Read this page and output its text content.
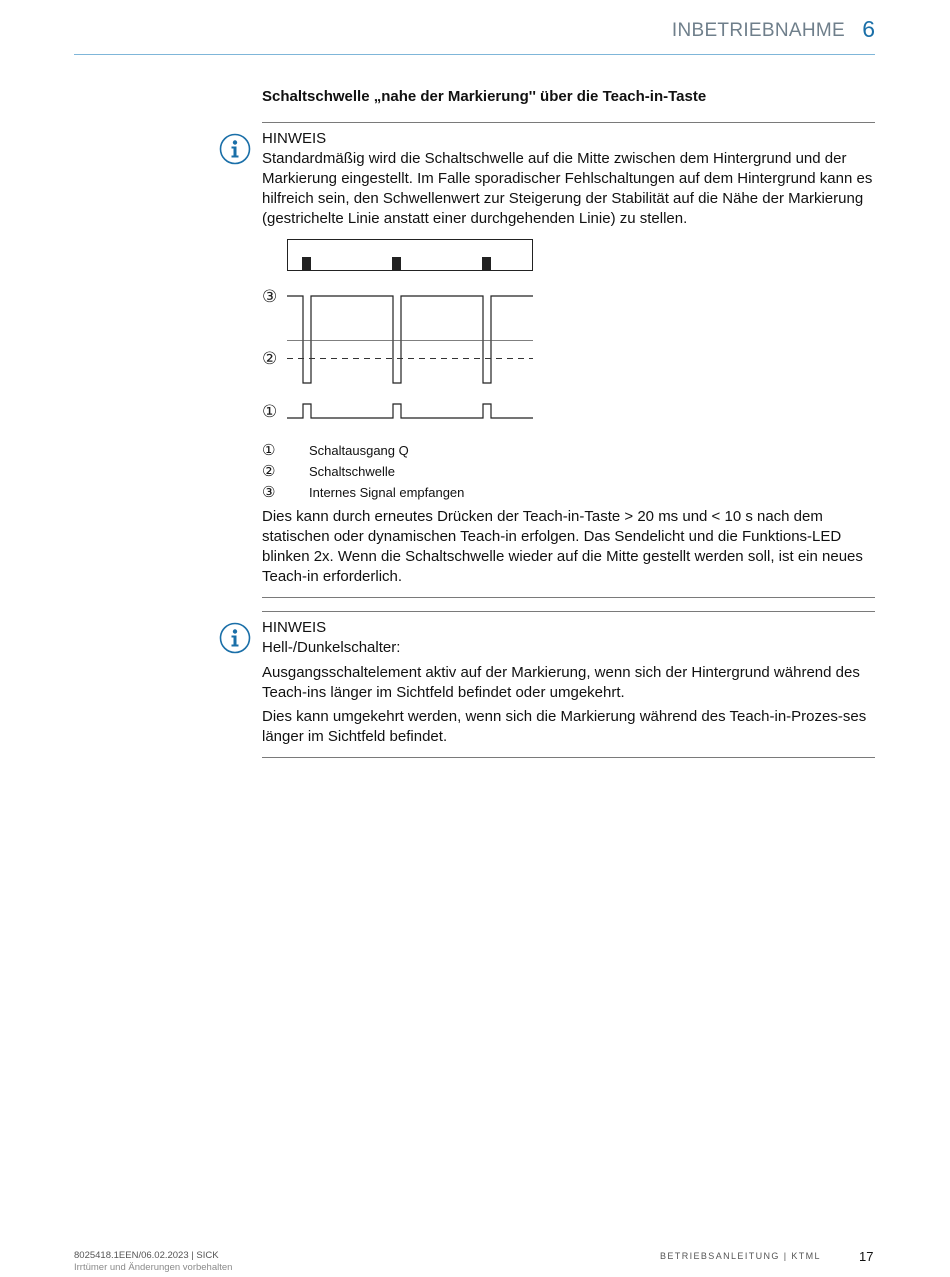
INBETRIEBNAHME 6
Schaltschwelle „nahe der Markierung'' über die Teach-in-Taste
HINWEIS

Standardmäßig wird die Schaltschwelle auf die Mitte zwischen dem Hintergrund und der Markierung eingestellt. Im Falle sporadischer Fehlschaltungen auf dem Hintergrund kann es hilfreich sein, den Schwellenwert zur Steigerung der Stabilität auf die Nähe der Markierung (gestrichelte Linie anstatt einer durchgehenden Linie) zu stellen.

③
②
①
①	Schaltausgang Q
②	Schaltschwelle
③	Internes Signal empfangen

Dies kann durch erneutes Drücken der Teach-in-Taste > 20 ms und < 10 s nach dem statischen oder dynamischen Teach-in erfolgen. Das Sendelicht und die Funktions-LED blinken 2x. Wenn die Schaltschwelle wieder auf die Mitte gestellt werden soll, ist ein neues Teach-in erforderlich.

HINWEIS

Hell-/Dunkelschalter:

Ausgangsschaltelement aktiv auf der Markierung, wenn sich der Hintergrund während des Teach-ins länger im Sichtfeld befindet oder umgekehrt.

Dies kann umgekehrt werden, wenn sich die Markierung während des Teach-in-Prozes-ses länger im Sichtfeld befindet.

8025418.1EEN/06.02.2023 | SICK
Irrtümer und Änderungen vorbehalten
BETRIEBSANLEITUNG | KTML	17
